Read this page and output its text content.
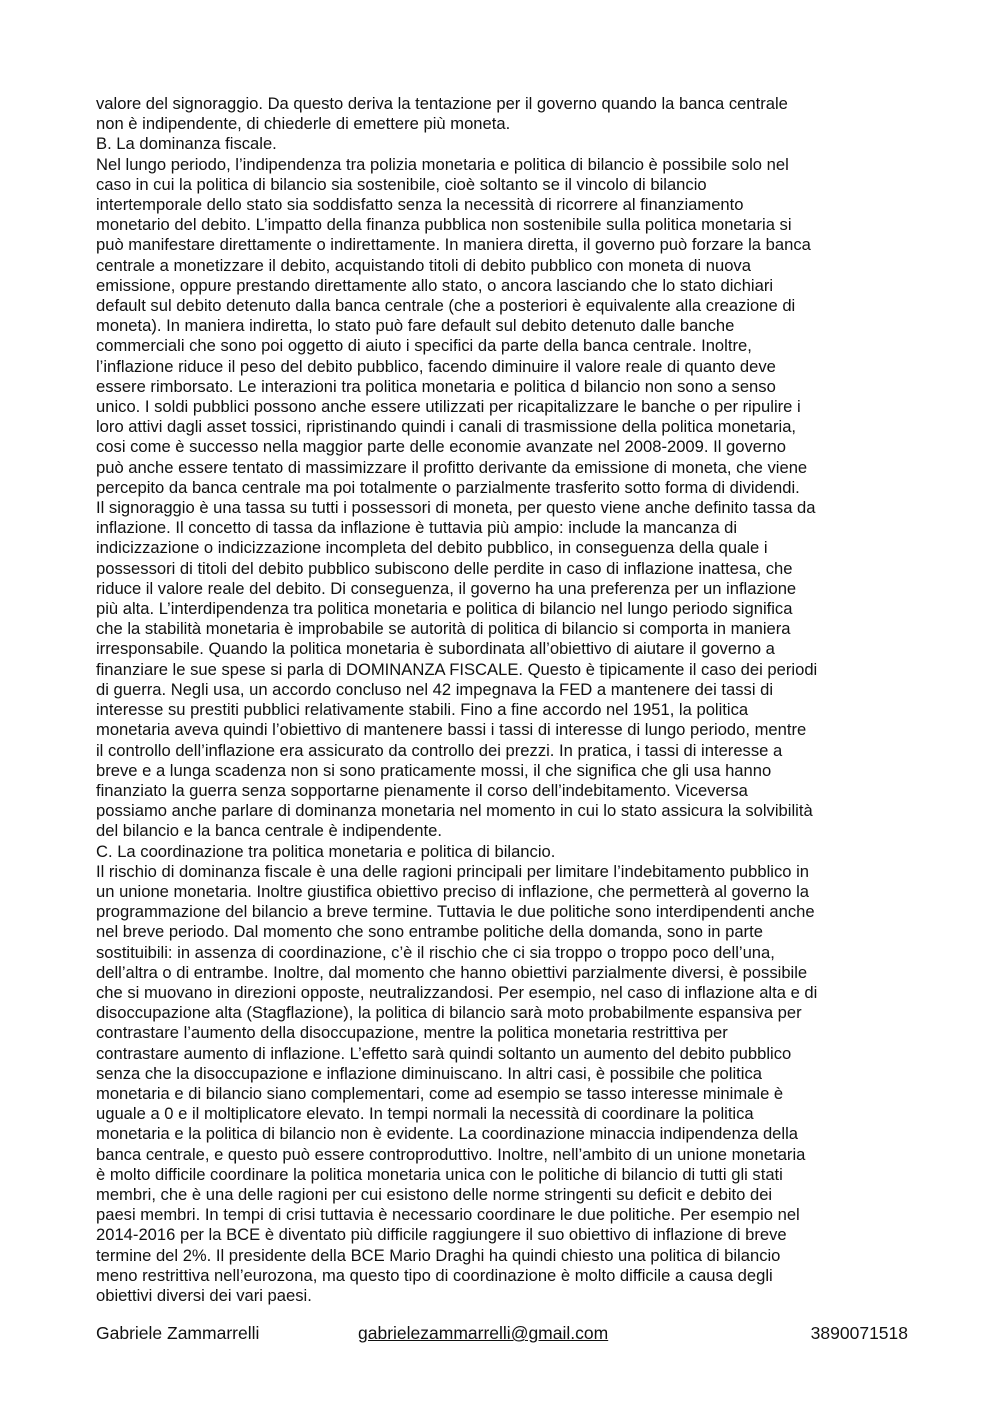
valore del signoraggio. Da questo deriva la tentazione per il governo quando la banca centrale
non è indipendente, di chiederle di emettere più moneta.
B. La dominanza fiscale.
Nel lungo periodo, l’indipendenza tra polizia monetaria e politica di bilancio è possibile solo nel
caso in cui la politica di bilancio sia sostenibile, cioè soltanto se il vincolo di bilancio
intertemporale dello stato sia soddisfatto senza la necessità di ricorrere al finanziamento
monetario del debito. L’impatto della finanza pubblica non sostenibile sulla politica monetaria si
può manifestare direttamente o indirettamente. In maniera diretta, il governo può forzare la banca
centrale a monetizzare il debito, acquistando titoli di debito pubblico con moneta di nuova
emissione, oppure prestando direttamente allo stato, o ancora lasciando che lo stato dichiari
default sul debito detenuto dalla banca centrale (che a posteriori è equivalente alla creazione di
moneta). In maniera indiretta, lo stato può fare default sul debito detenuto dalle banche
commerciali che sono poi oggetto di aiuto i specifici da parte della banca centrale. Inoltre,
l’inflazione riduce il peso del debito pubblico, facendo diminuire il valore reale di quanto deve
essere rimborsato. Le interazioni tra politica monetaria e politica d bilancio non sono a senso
unico. I soldi pubblici possono anche essere utilizzati per ricapitalizzare le banche o per ripulire i
loro attivi dagli asset tossici, ripristinando quindi i canali di trasmissione della politica monetaria,
cosi come è successo nella maggior parte delle economie avanzate nel 2008-2009. Il governo
può anche essere tentato di massimizzare il profitto derivante da emissione di moneta, che viene
percepito da banca centrale ma poi totalmente o parzialmente trasferito sotto forma di dividendi.
Il signoraggio è una tassa su tutti i possessori di moneta, per questo viene anche definito tassa da
inflazione. Il concetto di tassa da inflazione è tuttavia più ampio: include la mancanza di
indicizzazione o indicizzazione incompleta del debito pubblico, in conseguenza della quale i
possessori di titoli del debito pubblico subiscono delle perdite in caso di inflazione inattesa, che
riduce il valore reale del debito. Di conseguenza, il governo ha una preferenza per un inflazione
più alta. L’interdipendenza tra politica monetaria e politica di bilancio nel lungo periodo significa
che la stabilità monetaria è improbabile se autorità di politica di bilancio si comporta in maniera
irresponsabile. Quando la politica monetaria è subordinata all’obiettivo di aiutare il governo a
finanziare le sue spese si parla di DOMINANZA FISCALE. Questo è tipicamente il caso dei periodi
di guerra. Negli usa, un accordo concluso nel 42 impegnava la FED a mantenere dei tassi di
interesse su prestiti pubblici relativamente stabili. Fino a fine accordo nel 1951, la politica
monetaria aveva quindi l’obiettivo di mantenere bassi i tassi di interesse di lungo periodo, mentre
il controllo dell’inflazione era assicurato da controllo dei prezzi. In pratica, i tassi di interesse a
breve e a lunga scadenza non si sono praticamente mossi, il che significa che gli usa hanno
finanziato la guerra senza sopportarne pienamente il corso dell’indebitamento. Viceversa
possiamo anche parlare di dominanza monetaria nel momento in cui lo stato assicura la solvibilità
del bilancio e la banca centrale è indipendente.
C. La coordinazione tra politica monetaria e politica di bilancio.
Il rischio di dominanza fiscale è una delle ragioni principali per limitare l’indebitamento pubblico in
un unione monetaria. Inoltre giustifica obiettivo preciso di inflazione, che permetterà al governo la
programmazione del bilancio a breve termine. Tuttavia le due politiche sono interdipendenti anche
nel breve periodo. Dal momento che sono entrambe politiche della domanda, sono in parte
sostituibili: in assenza di coordinazione, c’è il rischio che ci sia troppo o troppo poco dell’una,
dell’altra o di entrambe. Inoltre, dal momento che hanno obiettivi parzialmente diversi, è possibile
che si muovano in direzioni opposte, neutralizzandosi. Per esempio, nel caso di inflazione alta e di
disoccupazione alta (Stagflazione), la politica di bilancio sarà moto probabilmente espansiva per
contrastare l’aumento della disoccupazione, mentre la politica monetaria restrittiva per
contrastare aumento di inflazione. L’effetto sarà quindi soltanto un aumento del debito pubblico
senza che la disoccupazione e inflazione diminuiscano. In altri casi, è possibile che politica
monetaria e di bilancio siano complementari, come ad esempio se tasso interesse minimale è
uguale a 0 e il moltiplicatore elevato. In tempi normali la necessità di coordinare la politica
monetaria e la politica di bilancio non è evidente. La coordinazione minaccia indipendenza della
banca centrale, e questo può essere controproduttivo. Inoltre, nell’ambito di un unione monetaria
è molto difficile coordinare la politica monetaria unica con le politiche di bilancio di tutti gli stati
membri, che è una delle ragioni per cui esistono delle norme stringenti su deficit e debito dei
paesi membri. In tempi di crisi tuttavia è necessario coordinare le due politiche. Per esempio nel
2014-2016 per la BCE è diventato più difficile raggiungere il suo obiettivo di inflazione di breve
termine del 2%. Il presidente della BCE Mario Draghi ha quindi chiesto una politica di bilancio
meno restrittiva nell’eurozona, ma questo tipo di coordinazione è molto difficile a causa degli
obiettivi diversi dei vari paesi.
Gabriele Zammarrelli	gabrielezammarrelli@gmail.com	3890071518
